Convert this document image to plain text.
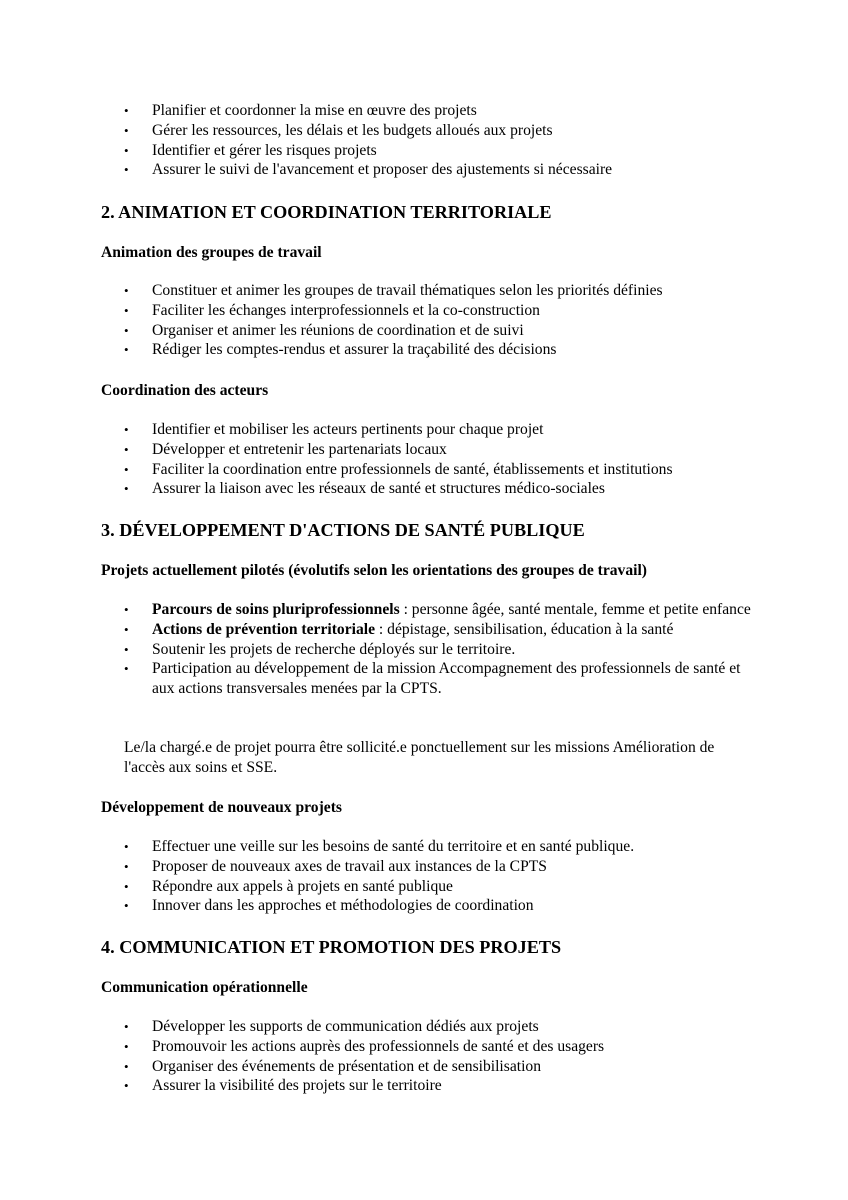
• Planifier et coordonner la mise en œuvre des projets
• Gérer les ressources, les délais et les budgets alloués aux projets
• Identifier et gérer les risques projets
• Assurer le suivi de l'avancement et proposer des ajustements si nécessaire
2. ANIMATION ET COORDINATION TERRITORIALE
Animation des groupes de travail
• Constituer et animer les groupes de travail thématiques selon les priorités définies
• Faciliter les échanges interprofessionnels et la co-construction
• Organiser et animer les réunions de coordination et de suivi
• Rédiger les comptes-rendus et assurer la traçabilité des décisions
Coordination des acteurs
• Identifier et mobiliser les acteurs pertinents pour chaque projet
• Développer et entretenir les partenariats locaux
• Faciliter la coordination entre professionnels de santé, établissements et institutions
• Assurer la liaison avec les réseaux de santé et structures médico-sociales
3. DÉVELOPPEMENT D'ACTIONS DE SANTÉ PUBLIQUE
Projets actuellement pilotés (évolutifs selon les orientations des groupes de travail)
• Parcours de soins pluriprofessionnels : personne âgée, santé mentale, femme et petite enfance
• Actions de prévention territoriale : dépistage, sensibilisation, éducation à la santé
• Soutenir les projets de recherche déployés sur le territoire.
• Participation au développement de la mission Accompagnement des professionnels de santé et aux actions transversales menées par la CPTS.
Le/la chargé.e de projet pourra être sollicité.e ponctuellement sur les missions Amélioration de l'accès aux soins et SSE.
Développement de nouveaux projets
• Effectuer une veille sur les besoins de santé du territoire et en santé publique.
• Proposer de nouveaux axes de travail aux instances de la CPTS
• Répondre aux appels à projets en santé publique
• Innover dans les approches et méthodologies de coordination
4. COMMUNICATION ET PROMOTION DES PROJETS
Communication opérationnelle
• Développer les supports de communication dédiés aux projets
• Promouvoir les actions auprès des professionnels de santé et des usagers
• Organiser des événements de présentation et de sensibilisation
• Assurer la visibilité des projets sur le territoire
